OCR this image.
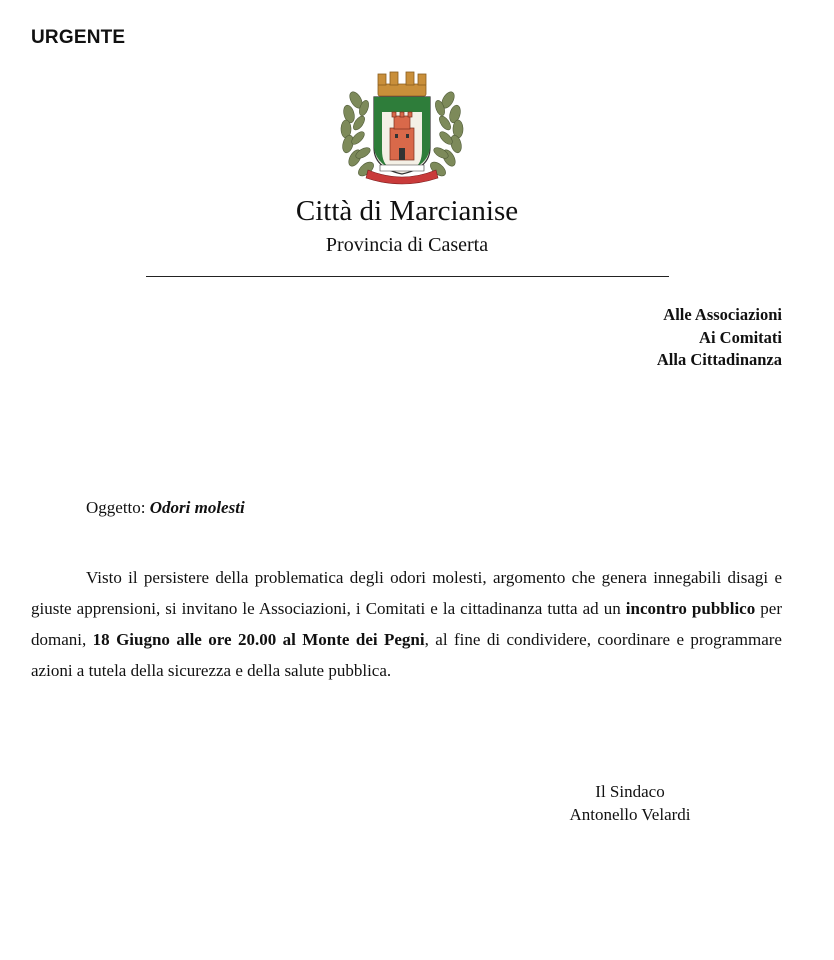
URGENTE
Città di Marcianise
Provincia di Caserta
Alle Associazioni
Ai Comitati
Alla Cittadinanza
Oggetto: Odori molesti
Visto il persistere della problematica degli odori molesti, argomento che genera innegabili disagi e giuste apprensioni, si invitano le Associazioni, i Comitati e la cittadinanza tutta ad un incontro pubblico per domani, 18 Giugno alle ore 20.00 al Monte dei Pegni, al fine di condividere, coordinare e programmare azioni a tutela della sicurezza e della salute pubblica.
Il Sindaco
Antonello Velardi
